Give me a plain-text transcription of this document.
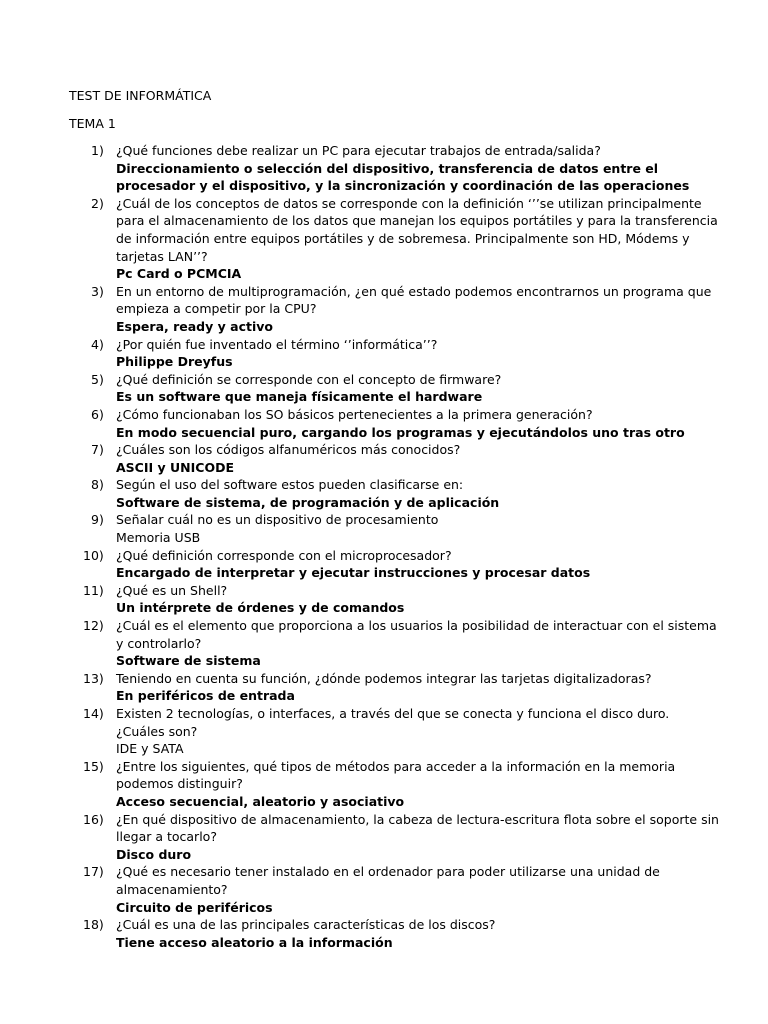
TEST DE INFORMÁTICA
TEMA 1
1) ¿Qué funciones debe realizar un PC para ejecutar trabajos de entrada/salida?
Direccionamiento o selección del dispositivo, transferencia de datos entre el procesador y el dispositivo, y la sincronización y coordinación de las operaciones
2) ¿Cuál de los conceptos de datos se corresponde con la definición ‘’’se utilizan principalmente para el almacenamiento de los datos que manejan los equipos portátiles y para la transferencia de información entre equipos portátiles y de sobremesa. Principalmente son HD, Módems y tarjetas LAN’’?
Pc Card o PCMCIA
3) En un entorno de multiprogramación, ¿en qué estado podemos encontrarnos un programa que empieza a competir por la CPU?
Espera, ready y activo
4) ¿Por quién fue inventado el término ‘’informática’’?
Philippe Dreyfus
5) ¿Qué definición se corresponde con el concepto de firmware?
Es un software que maneja físicamente el hardware
6) ¿Cómo funcionaban los SO básicos pertenecientes a la primera generación?
En modo secuencial puro, cargando los programas y ejecutándolos uno tras otro
7) ¿Cuáles son los códigos alfanuméricos más conocidos?
ASCII y UNICODE
8) Según el uso del software estos pueden clasificarse en:
Software de sistema, de programación y de aplicación
9) Señalar cuál no es un dispositivo de procesamiento
Memoria USB
10) ¿Qué definición corresponde con el microprocesador?
Encargado de interpretar y ejecutar instrucciones y procesar datos
11) ¿Qué es un Shell?
Un intérprete de órdenes y de comandos
12) ¿Cuál es el elemento que proporciona a los usuarios la posibilidad de interactuar con el sistema y controlarlo?
Software de sistema
13) Teniendo en cuenta su función, ¿dónde podemos integrar las tarjetas digitalizadoras?
En periféricos de entrada
14) Existen 2 tecnologías, o interfaces, a través del que se conecta y funciona el disco duro. ¿Cuáles son?
IDE y SATA
15) ¿Entre los siguientes, qué tipos de métodos para acceder a la información en la memoria podemos distinguir?
Acceso secuencial, aleatorio y asociativo
16) ¿En qué dispositivo de almacenamiento, la cabeza de lectura-escritura flota sobre el soporte sin llegar a tocarlo?
Disco duro
17) ¿Qué es necesario tener instalado en el ordenador para poder utilizarse una unidad de almacenamiento?
Circuito de periféricos
18) ¿Cuál es una de las principales características de los discos?
Tiene acceso aleatorio a la información
